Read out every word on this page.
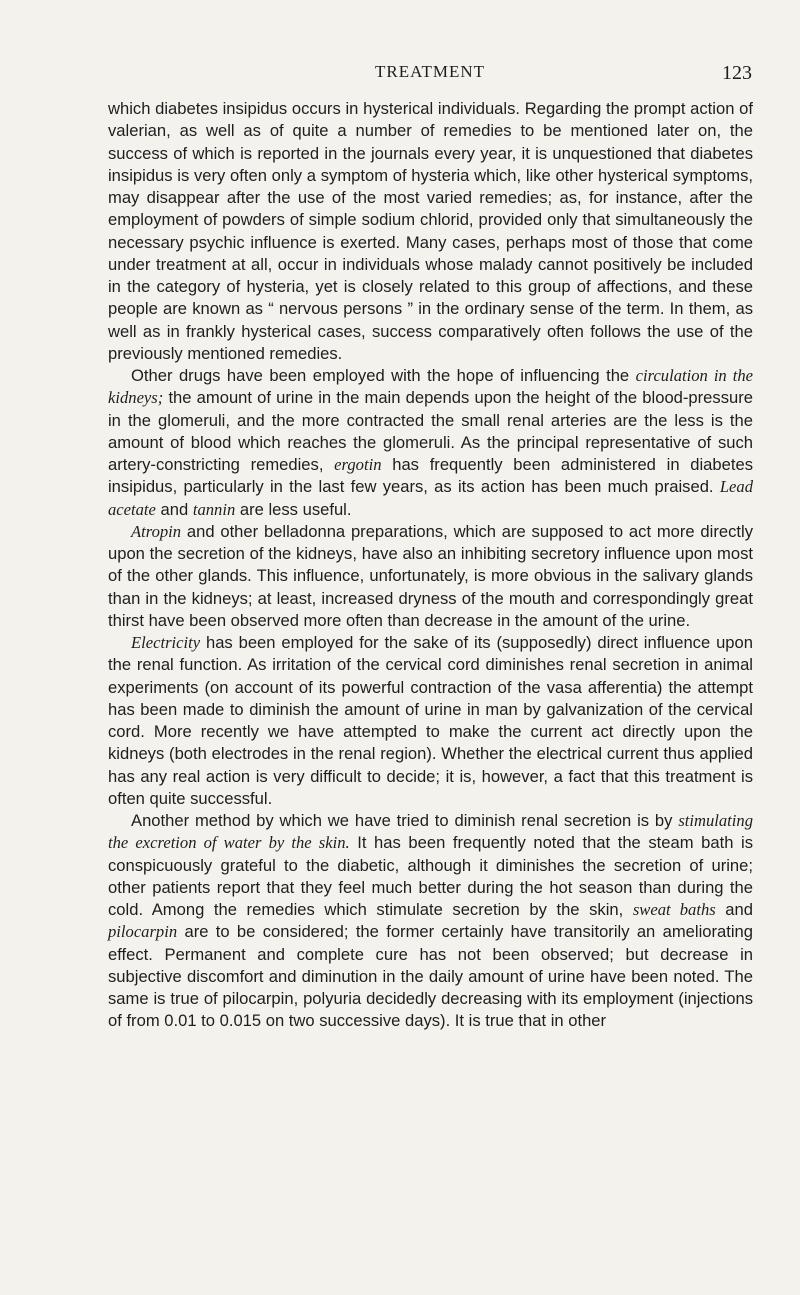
TREATMENT	123

which diabetes insipidus occurs in hysterical individuals. Regarding the prompt action of valerian, as well as of quite a number of remedies to be mentioned later on, the success of which is reported in the journals every year, it is unquestioned that diabetes insipidus is very often only a symptom of hysteria which, like other hysterical symptoms, may disappear after the use of the most varied remedies; as, for instance, after the employment of powders of simple sodium chlorid, provided only that simultaneously the necessary psychic influence is exerted. Many cases, perhaps most of those that come under treatment at all, occur in individuals whose malady cannot positively be included in the category of hysteria, yet is closely related to this group of affections, and these people are known as “ nervous persons ” in the ordinary sense of the term. In them, as well as in frankly hysterical cases, success comparatively often follows the use of the previously mentioned remedies.

Other drugs have been employed with the hope of influencing the circulation in the kidneys; the amount of urine in the main depends upon the height of the blood-pressure in the glomeruli, and the more contracted the small renal arteries are the less is the amount of blood which reaches the glomeruli. As the principal representative of such artery-constricting remedies, ergotin has frequently been administered in diabetes insipidus, particularly in the last few years, as its action has been much praised. Lead acetate and tannin are less useful.

Atropin and other belladonna preparations, which are supposed to act more directly upon the secretion of the kidneys, have also an inhibiting secretory influence upon most of the other glands. This influence, unfortunately, is more obvious in the salivary glands than in the kidneys; at least, increased dryness of the mouth and correspondingly great thirst have been observed more often than decrease in the amount of the urine.

Electricity has been employed for the sake of its (supposedly) direct influence upon the renal function. As irritation of the cervical cord diminishes renal secretion in animal experiments (on account of its powerful contraction of the vasa afferentia) the attempt has been made to diminish the amount of urine in man by galvanization of the cervical cord. More recently we have attempted to make the current act directly upon the kidneys (both electrodes in the renal region). Whether the electrical current thus applied has any real action is very difficult to decide; it is, however, a fact that this treatment is often quite successful.

Another method by which we have tried to diminish renal secretion is by stimulating the excretion of water by the skin. It has been frequently noted that the steam bath is conspicuously grateful to the diabetic, although it diminishes the secretion of urine; other patients report that they feel much better during the hot season than during the cold. Among the remedies which stimulate secretion by the skin, sweat baths and pilocarpin are to be considered; the former certainly have transitorily an ameliorating effect. Permanent and complete cure has not been observed; but decrease in subjective discomfort and diminution in the daily amount of urine have been noted. The same is true of pilocarpin, polyuria decidedly decreasing with its employment (injections of from 0.01 to 0.015 on two successive days). It is true that in other
